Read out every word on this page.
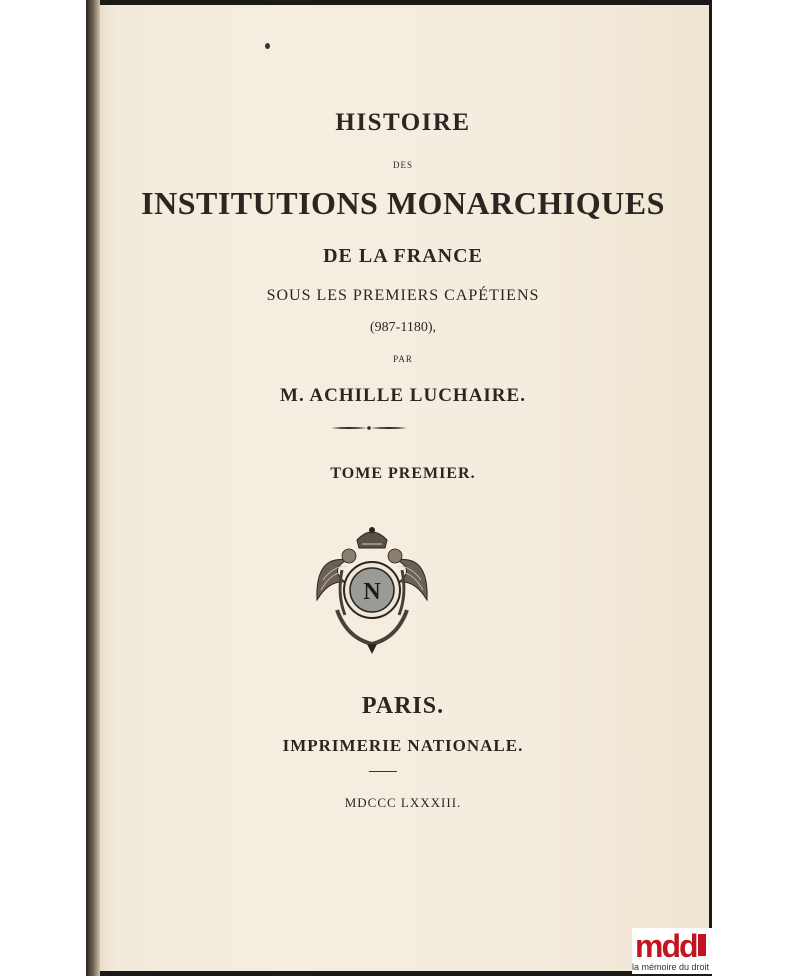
HISTOIRE
DES
INSTITUTIONS MONARCHIQUES
DE LA FRANCE
SOUS LES PREMIERS CAPÉTIENS
(987-1180),
PAR
M. ACHILLE LUCHAIRE.
TOME PREMIER.
N
PARIS.
IMPRIMERIE NATIONALE.
MDCCC LXXXIII.
mdd
la mémoire du droit
